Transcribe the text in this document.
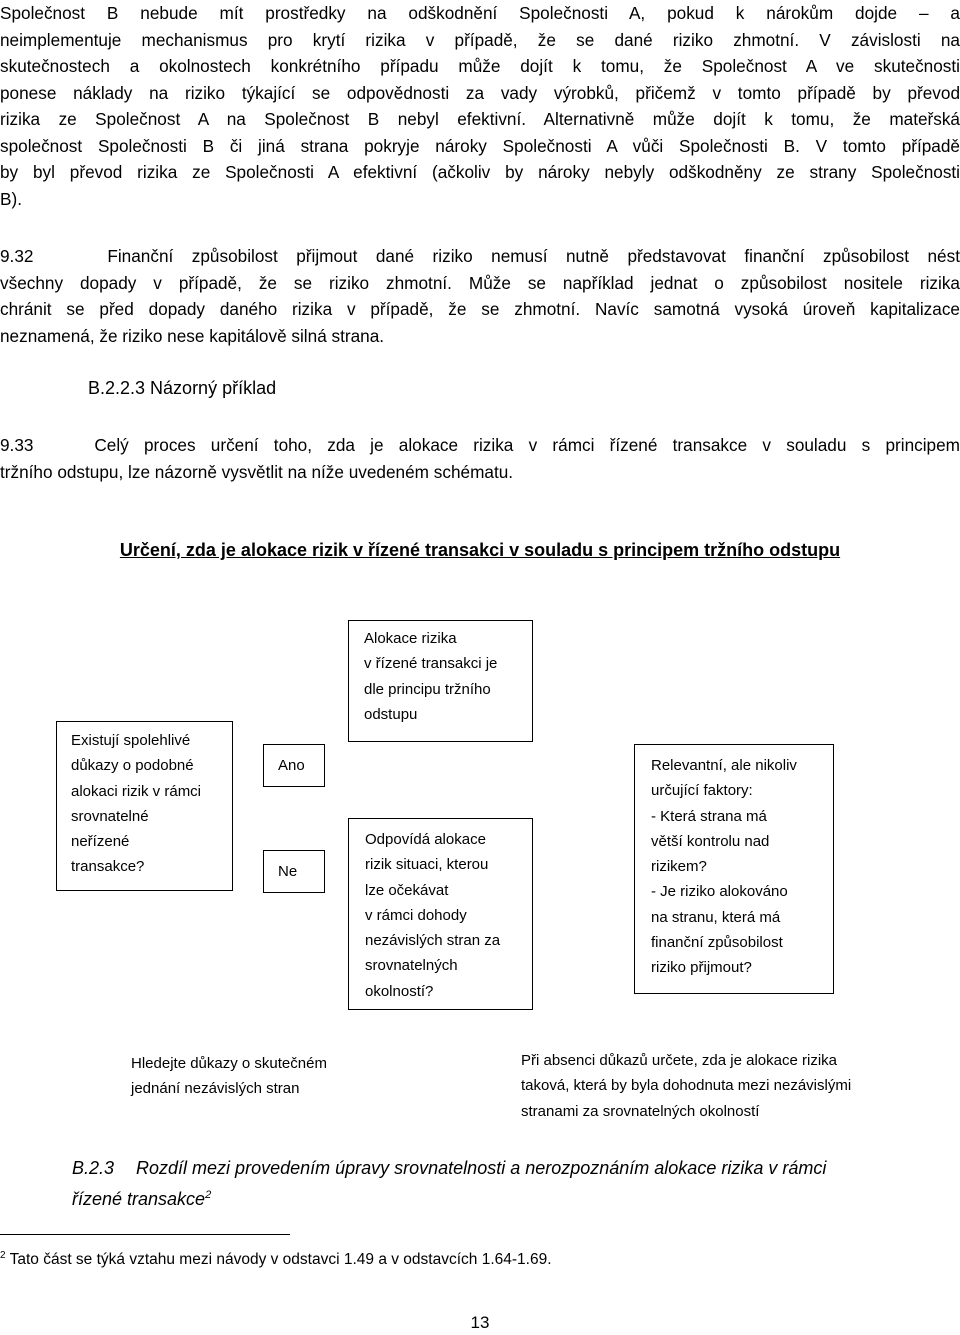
Společnost B nebude mít prostředky na odškodnění Společnosti A, pokud k nárokům dojde – a
neimplementuje mechanismus pro krytí rizika v případě, že se dané riziko zhmotní. V závislosti na
skutečnostech a okolnostech konkrétního případu může dojít k tomu, že Společnost A ve skutečnosti
ponese náklady na riziko týkající se odpovědnosti za vady výrobků, přičemž v tomto případě by převod
rizika ze Společnost A na Společnost B nebyl efektivní. Alternativně může dojít k tomu, že mateřská
společnost Společnosti B či jiná strana pokryje nároky Společnosti A vůči Společnosti B. V tomto případě
by byl převod rizika ze Společnosti A efektivní (ačkoliv by nároky nebyly odškodněny ze strany Společnosti
B).
9.32    Finanční způsobilost přijmout dané riziko nemusí nutně představovat finanční způsobilost nést
všechny dopady v případě, že se riziko zhmotní. Může se například jednat o způsobilost nositele rizika
chránit se před dopady daného rizika v případě, že se zhmotní. Navíc samotná vysoká úroveň kapitalizace
neznamená, že riziko nese kapitálově silná strana.
B.2.2.3 Názorný příklad
9.33    Celý proces určení toho, zda je alokace rizika v rámci řízené transakce v souladu s principem
tržního odstupu, lze názorně vysvětlit na níže uvedeném schématu.
Určení, zda je alokace rizik v řízené transakci v souladu s principem tržního odstupu
Alokace rizika
v řízené transakci je
dle principu tržního
odstupu
Existují spolehlivé
důkazy o podobné
alokaci rizik v rámci
srovnatelné
neřízené
transakce?
Ano
Ne
Odpovídá alokace
rizik situaci, kterou
lze očekávat
v rámci dohody
nezávislých stran za
srovnatelných
okolností?
Relevantní, ale nikoliv
určující faktory:
- Která strana má
větší kontrolu nad
rizikem?
- Je riziko alokováno
na stranu, která má
finanční způsobilost
riziko přijmout?
Hledejte důkazy o skutečném
jednání nezávislých stran
Při absenci důkazů určete, zda je alokace rizika
taková, která by byla dohodnuta mezi nezávislými
stranami za srovnatelných okolností
B.2.3 Rozdíl mezi provedením úpravy srovnatelnosti a nerozpoznáním alokace rizika v rámci
řízené transakce$^2$
$^2$ Tato část se týká vztahu mezi návody v odstavci 1.49 a v odstavcích 1.64-1.69.
13
